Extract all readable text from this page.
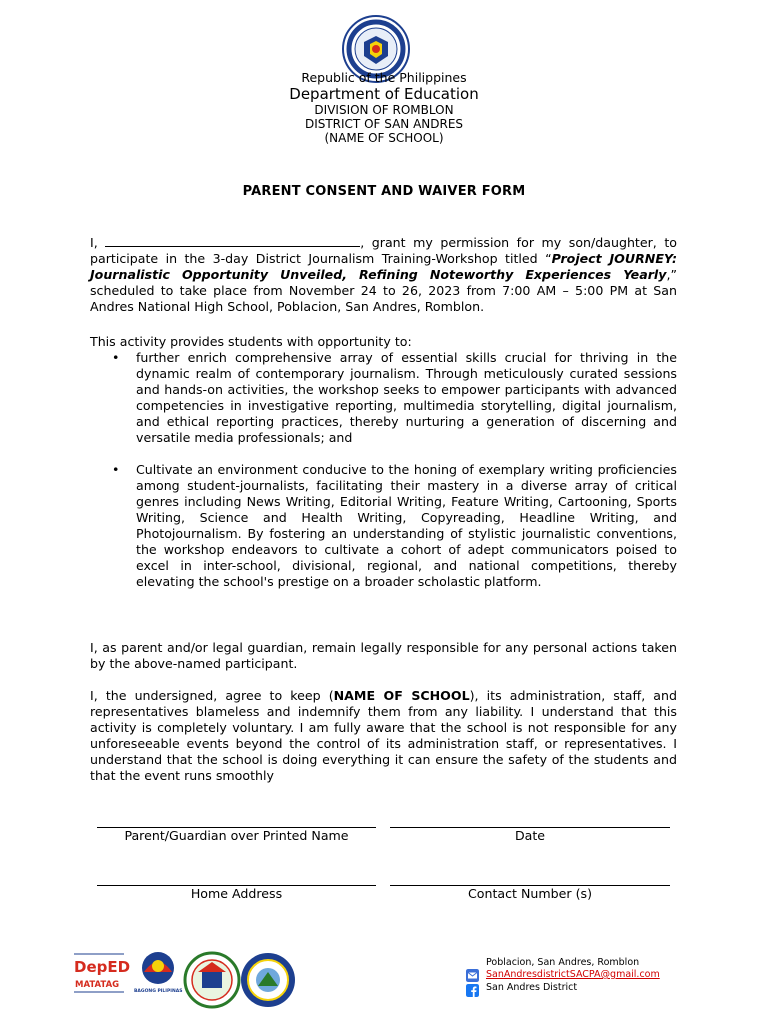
Republic of the Philippines
Department of Education
DIVISION OF ROMBLON
DISTRICT OF SAN ANDRES
(NAME OF SCHOOL)
PARENT CONSENT AND WAIVER FORM
I,	, grant my permission for my son/daughter, to participate in the 3-day District Journalism Training-Workshop titled “Project JOURNEY: Journalistic Opportunity Unveiled, Refining Noteworthy Experiences Yearly,” scheduled to take place from November 24 to 26, 2023 from 7:00 AM – 5:00 PM at San Andres National High School, Poblacion, San Andres, Romblon.
This activity provides students with opportunity to:
• further enrich comprehensive array of essential skills crucial for thriving in the dynamic realm of contemporary journalism. Through meticulously curated sessions and hands-on activities, the workshop seeks to empower participants with advanced competencies in investigative reporting, multimedia storytelling, digital journalism, and ethical reporting practices, thereby nurturing a generation of discerning and versatile media professionals; and
• Cultivate an environment conducive to the honing of exemplary writing proficiencies among student-journalists, facilitating their mastery in a diverse array of critical genres including News Writing, Editorial Writing, Feature Writing, Cartooning, Sports Writing, Science and Health Writing, Copyreading, Headline Writing, and Photojournalism. By fostering an understanding of stylistic journalistic conventions, the workshop endeavors to cultivate a cohort of adept communicators poised to excel in inter-school, divisional, regional, and national competitions, thereby elevating the school's prestige on a broader scholastic platform.
I, as parent and/or legal guardian, remain legally responsible for any personal actions taken by the above-named participant.
I, the undersigned, agree to keep (NAME OF SCHOOL), its administration, staff, and representatives blameless and indemnify them from any liability. I understand that this activity is completely voluntary. I am fully aware that the school is not responsible for any unforeseeable events beyond the control of its administration staff, or representatives. I understand that the school is doing everything it can ensure the safety of the students and that the event runs smoothly
Parent/Guardian over Printed Name	Date
Home Address	Contact Number (s)
DepED
MATATAG
BAGONG PILIPINAS
Poblacion, San Andres, Romblon
SanAndresdistrictSACPA@gmail.com
San Andres District
